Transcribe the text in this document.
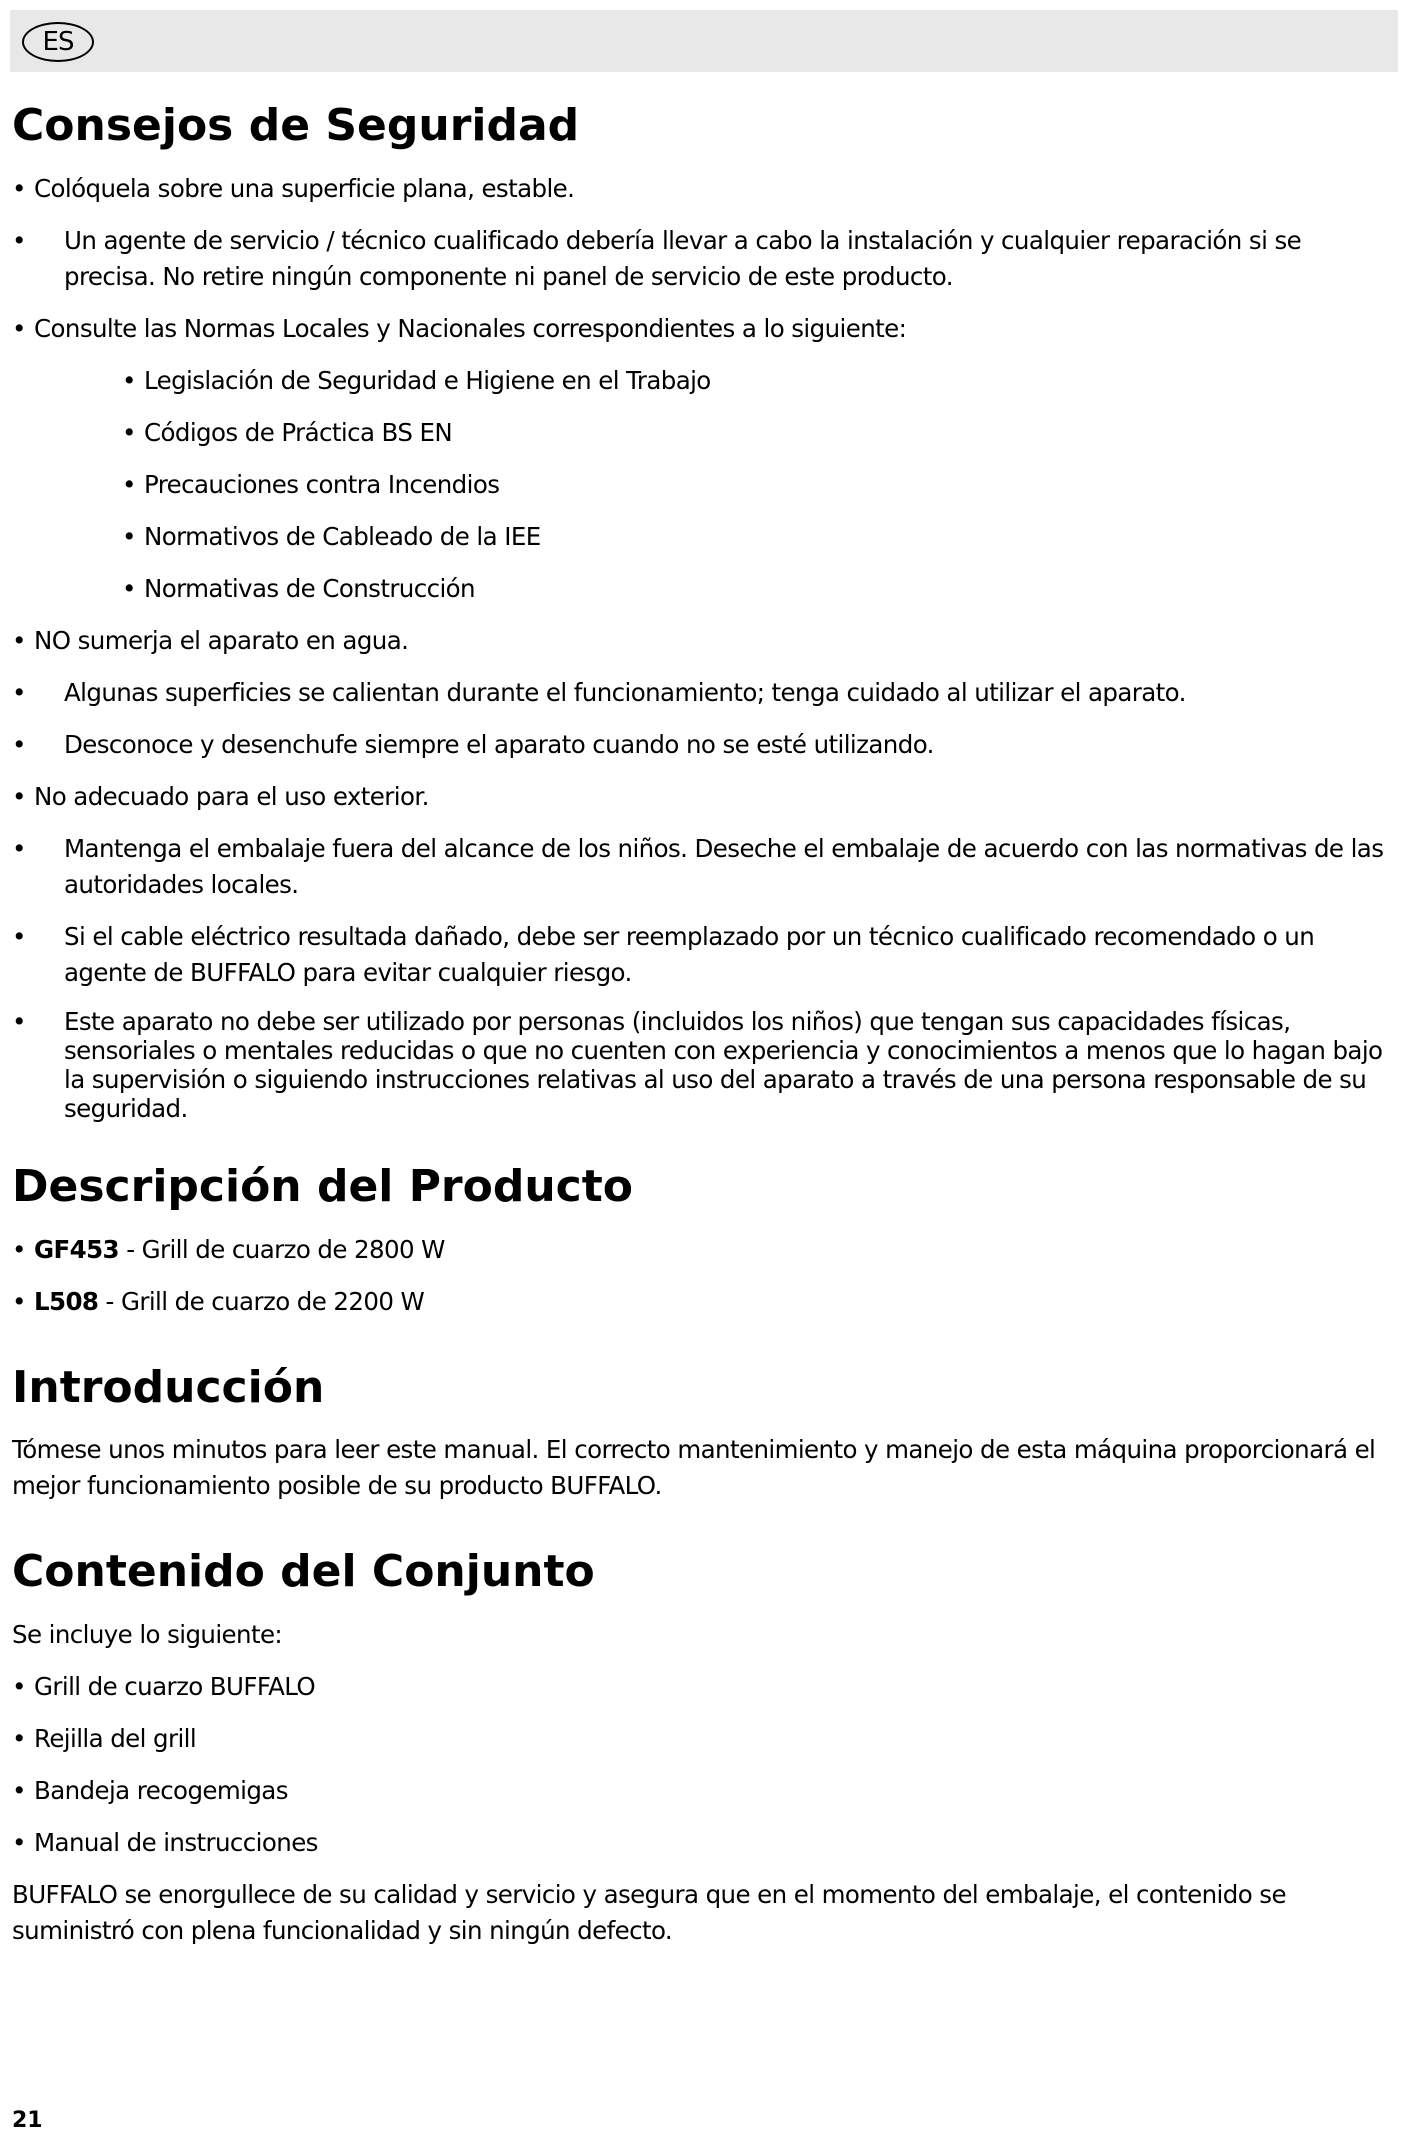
ES
Consejos de Seguridad
• Colóquela sobre una superficie plana, estable.
•	Un agente de servicio / técnico cualificado debería llevar a cabo la instalación y cualquier reparación si se precisa. No retire ningún componente ni panel de servicio de este producto.
• Consulte las Normas Locales y Nacionales correspondientes a lo siguiente:
• Legislación de Seguridad e Higiene en el Trabajo
• Códigos de Práctica BS EN
• Precauciones contra Incendios
• Normativos de Cableado de la IEE
• Normativas de Construcción
• NO sumerja el aparato en agua.
•	Algunas superficies se calientan durante el funcionamiento; tenga cuidado al utilizar el aparato.
•	Desconoce y desenchufe siempre el aparato cuando no se esté utilizando.
• No adecuado para el uso exterior.
•	Mantenga el embalaje fuera del alcance de los niños. Deseche el embalaje de acuerdo con las normativas de las autoridades locales.
•	Si el cable eléctrico resultada dañado, debe ser reemplazado por un técnico cualificado recomendado o un agente de BUFFALO para evitar cualquier riesgo.
•	Este aparato no debe ser utilizado por personas (incluidos los niños) que tengan sus capacidades físicas, sensoriales o mentales reducidas o que no cuenten con experiencia y conocimientos a menos que lo hagan bajo la supervisión o siguiendo instrucciones relativas al uso del aparato a través de una persona responsable de su seguridad.
Descripción del Producto
• GF453 - Grill de cuarzo de 2800 W
• L508 - Grill de cuarzo de 2200 W
Introducción

Tómese unos minutos para leer este manual. El correcto mantenimiento y manejo de esta máquina proporcionará el mejor funcionamiento posible de su producto BUFFALO.

Contenido del Conjunto

Se incluye lo siguiente:

• Grill de cuarzo BUFFALO
• Rejilla del grill
• Bandeja recogemigas
• Manual de instrucciones

BUFFALO se enorgullece de su calidad y servicio y asegura que en el momento del embalaje, el contenido se suministró con plena funcionalidad y sin ningún defecto.

21
